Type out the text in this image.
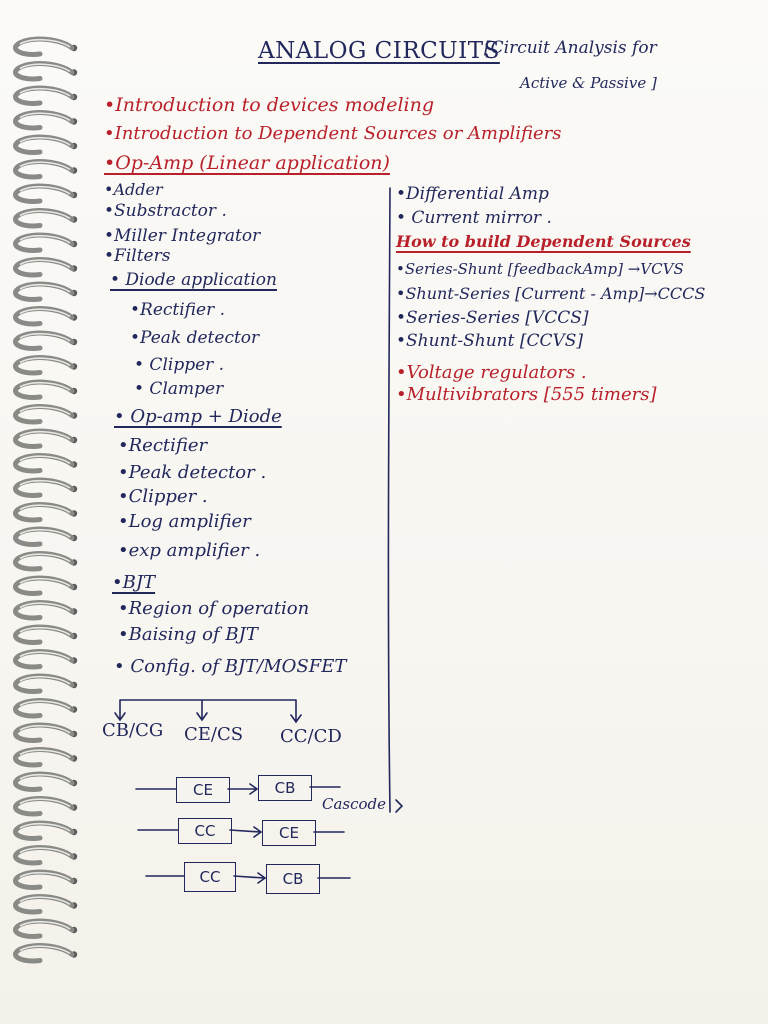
ANALOG CIRCUITS
[Circuit Analysis for
Active & Passive ]
•Introduction to devices modeling
•Introduction to Dependent Sources or Amplifiers
•Op-Amp (Linear application)
•Adder
•Substractor .
•Miller Integrator
•Filters
• Diode application
•Rectifier .
•Peak detector
• Clipper .
• Clamper
• Op-amp + Diode
•Rectifier
•Peak detector .
•Clipper .
•Log amplifier
•exp amplifier .
•BJT
•Region of operation
•Baising of BJT
• Config. of BJT/MOSFET
CB/CG CE/CS CC/CD
CE	CB
CC	CE
CC	CB
Cascode
•Differential Amp
• Current mirror .
How to build Dependent Sources
•Series-Shunt [feedbackAmp] →VCVS
•Shunt-Series [Current - Amp]→CCCS
•Series-Series [VCCS]
•Shunt-Shunt [CCVS]
•Voltage regulators .
•Multivibrators [555 timers]
